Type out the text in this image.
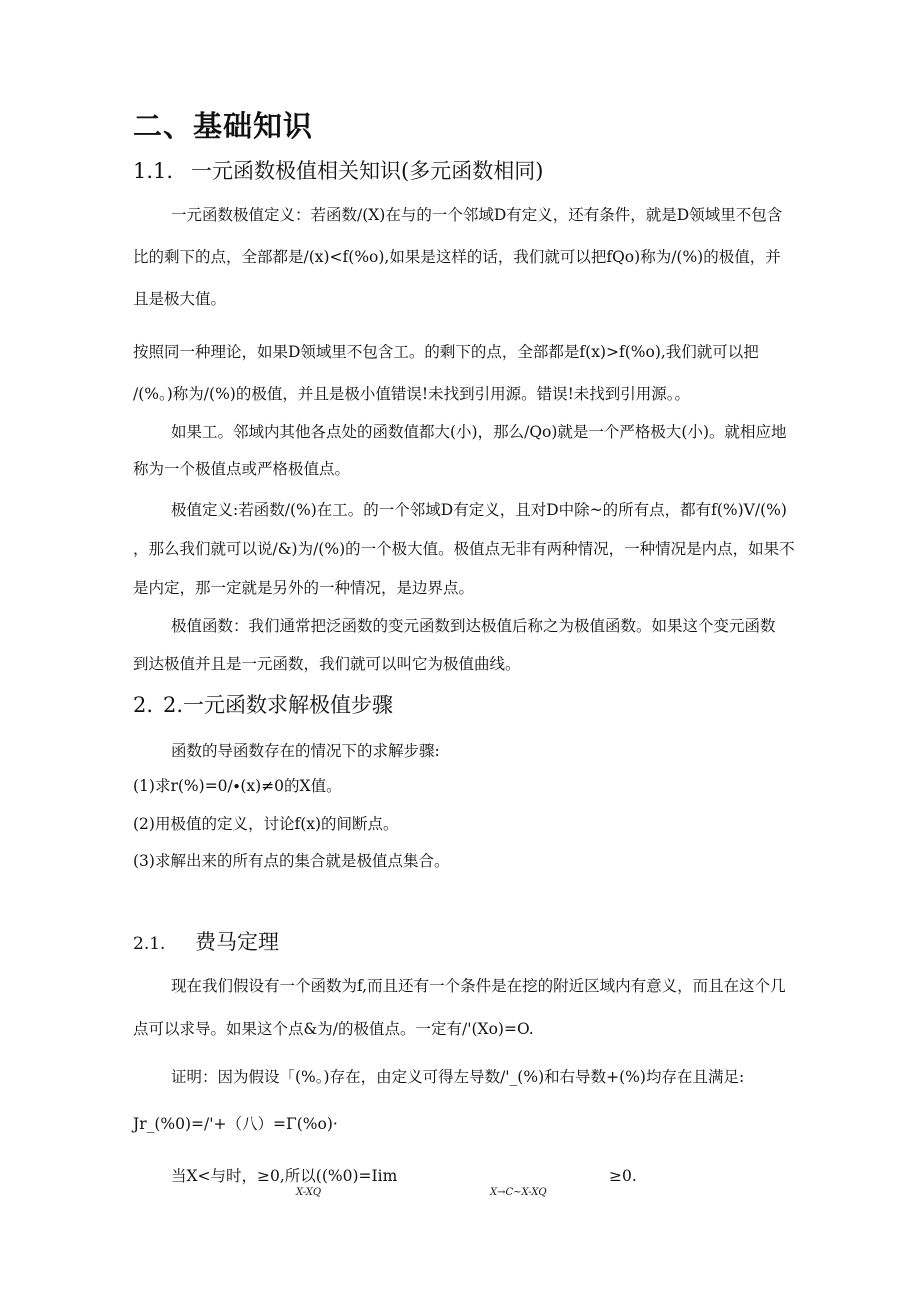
二、基础知识
1.1. 一元函数极值相关知识(多元函数相同)
一元函数极值定义：若函数/(X)在与的一个邻域D有定义，还有条件，就是D领域里不包含
比的剩下的点，全部都是/(x)<f(%o),如果是这样的话，我们就可以把fQo)称为/(%)的极值，并
且是极大值。
按照同一种理论，如果D领域里不包含工。的剩下的点，全部都是f(x)>f(%o),我们就可以把
/(%。)称为/(%)的极值，并且是极小值错误!未找到引用源。错误!未找到引用源。。
如果工。邻域内其他各点处的函数值都大(小)，那么/Qo)就是一个严格极大(小)。就相应地
称为一个极值点或严格极值点。
极值定义:若函数/(%)在工。的一个邻域D有定义，且对D中除~的所有点，都有f(%)V/(%)
，那么我们就可以说/&)为/(%)的一个极大值。极值点无非有两种情况，一种情况是内点，如果不
是内定，那一定就是另外的一种情况，是边界点。
极值函数：我们通常把泛函数的变元函数到达极值后称之为极值函数。如果这个变元函数
到达极值并且是一元函数，我们就可以叫它为极值曲线。
2. 2.一元函数求解极值步骤
函数的导函数存在的情况下的求解步骤:
(1)求r(%)=0∕∙(x)≠0的X值。
(2)用极值的定义，讨论f(x)的间断点。
(3)求解出来的所有点的集合就是极值点集合。
2.1. 费马定理
现在我们假设有一个函数为f,而且还有一个条件是在挖的附近区域内有意义，而且在这个几
点可以求导。如果这个点&为/的极值点。一定有/'(Xo)=O.
证明：因为假设「(%。)存在，由定义可得左导数/'_(%)和右导数+(%)均存在且满足:
Jr_(%0)=/'+（八）=Γ(%o)·
当X<与时，≥0,所以((%0)=Iim	≥0.
X-XQ	X→C~X-XQ
